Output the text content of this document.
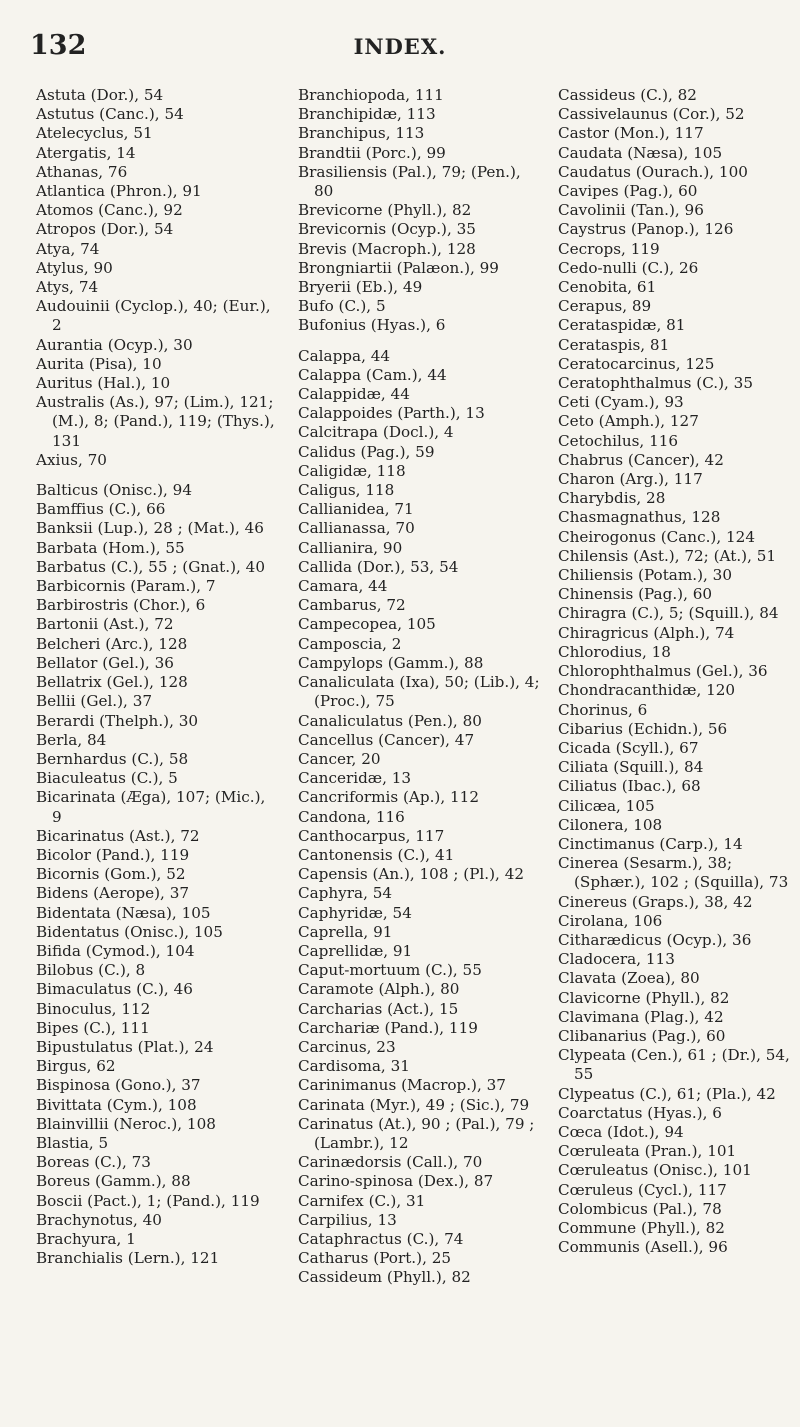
132	INDEX.

Astuta (Dor.), 54

Astutus (Canc.), 54

Atelecyclus, 51

Atergatis, 14

Athanas, 76

Atlantica (Phron.), 91

Atomos (Canc.), 92

Atropos (Dor.), 54

Atya, 74

Atylus, 90

Atys, 74

Audouinii (Cyclop.), 40; (Eur.), 2

Aurantia (Ocyp.), 30

Aurita (Pisa), 10

Auritus (Hal.), 10

Australis (As.), 97; (Lim.), 121; (M.), 8; (Pand.), 119; (Thys.), 131

Axius, 70

Balticus (Onisc.), 94

Bamffius (C.), 66

Banksii (Lup.), 28 ; (Mat.), 46

Barbata (Hom.), 55

Barbatus (C.), 55 ; (Gnat.), 40

Barbicornis (Param.), 7

Barbirostris (Chor.), 6

Bartonii (Ast.), 72

Belcheri (Arc.), 128

Bellator (Gel.), 36

Bellatrix (Gel.), 128

Bellii (Gel.), 37

Berardi (Thelph.), 30

Berla, 84

Bernhardus (C.), 58

Biaculeatus (C.), 5

Bicarinata (Æga), 107; (Mic.), 9

Bicarinatus (Ast.), 72

Bicolor (Pand.), 119

Bicornis (Gom.), 52

Bidens (Aerope), 37

Bidentata (Næsa), 105

Bidentatus (Onisc.), 105

Bifida (Cymod.), 104

Bilobus (C.), 8

Bimaculatus (C.), 46

Binoculus, 112

Bipes (C.), 111

Bipustulatus (Plat.), 24

Birgus, 62

Bispinosa (Gono.), 37

Bivittata (Cym.), 108

Blainvillii (Neroc.), 108

Blastia, 5

Boreas (C.), 73

Boreus (Gamm.), 88

Boscii (Pact.), 1; (Pand.), 119

Brachynotus, 40

Brachyura, 1

Branchialis (Lern.), 121

Branchiopoda, 111

Branchipidæ, 113

Branchipus, 113

Brandtii (Porc.), 99

Brasiliensis (Pal.), 79; (Pen.), 80

Brevicorne (Phyll.), 82

Brevicornis (Ocyp.), 35

Brevis (Macroph.), 128

Brongniartii (Palæon.), 99

Bryerii (Eb.), 49

Bufo (C.), 5

Bufonius (Hyas.), 6

Calappa, 44

Calappa (Cam.), 44

Calappidæ, 44

Calappoides (Parth.), 13

Calcitrapa (Docl.), 4

Calidus (Pag.), 59

Caligidæ, 118

Caligus, 118

Callianidea, 71

Callianassa, 70

Callianira, 90

Callida (Dor.), 53, 54

Camara, 44

Cambarus, 72

Campecopea, 105

Camposcia, 2

Campylops (Gamm.), 88

Canaliculata (Ixa), 50; (Lib.), 4; (Proc.), 75

Canaliculatus (Pen.), 80

Cancellus (Cancer), 47

Cancer, 20

Canceridæ, 13

Cancriformis (Ap.), 112

Candona, 116

Canthocarpus, 117

Cantonensis (C.), 41

Capensis (An.), 108 ; (Pl.), 42

Caphyra, 54

Caphyridæ, 54

Caprella, 91

Caprellidæ, 91

Caput-mortuum (C.), 55

Caramote (Alph.), 80

Carcharias (Act.), 15

Carchariæ (Pand.), 119

Carcinus, 23

Cardisoma, 31

Carinimanus (Macrop.), 37

Carinata (Myr.), 49 ; (Sic.), 79

Carinatus (At.), 90 ; (Pal.), 79 ; (Lambr.), 12

Carinædorsis (Call.), 70

Carino-spinosa (Dex.), 87

Carnifex (C.), 31

Carpilius, 13

Cataphractus (C.), 74

Catharus (Port.), 25

Cassideum (Phyll.), 82

Cassideus (C.), 82

Cassivelaunus (Cor.), 52

Castor (Mon.), 117

Caudata (Næsa), 105

Caudatus (Ourach.), 100

Cavipes (Pag.), 60

Cavolinii (Tan.), 96

Caystrus (Panop.), 126

Cecrops, 119

Cedo-nulli (C.), 26

Cenobita, 61

Cerapus, 89

Cerataspidæ, 81

Cerataspis, 81

Ceratocarcinus, 125

Ceratophthalmus (C.), 35

Ceti (Cyam.), 93

Ceto (Amph.), 127

Cetochilus, 116

Chabrus (Cancer), 42

Charon (Arg.), 117

Charybdis, 28

Chasmagnathus, 128

Cheirogonus (Canc.), 124

Chilensis (Ast.), 72; (At.), 51

Chiliensis (Potam.), 30

Chinensis (Pag.), 60

Chiragra (C.), 5; (Squill.), 84

Chiragricus (Alph.), 74

Chlorodius, 18

Chlorophthalmus (Gel.), 36

Chondracanthidæ, 120

Chorinus, 6

Cibarius (Echidn.), 56

Cicada (Scyll.), 67

Ciliata (Squill.), 84

Ciliatus (Ibac.), 68

Cilicæa, 105

Cilonera, 108

Cinctimanus (Carp.), 14

Cinerea (Sesarm.), 38; (Sphær.), 102 ; (Squilla), 73

Cinereus (Graps.), 38, 42

Cirolana, 106

Citharædicus (Ocyp.), 36

Cladocera, 113

Clavata (Zoea), 80

Clavicorne (Phyll.), 82

Clavimana (Plag.), 42

Clibanarius (Pag.), 60

Clypeata (Cen.), 61 ; (Dr.), 54, 55

Clypeatus (C.), 61; (Pla.), 42

Coarctatus (Hyas.), 6

Cœca (Idot.), 94

Cœruleata (Pran.), 101

Cœruleatus (Onisc.), 101

Cœruleus (Cycl.), 117

Colombicus (Pal.), 78

Commune (Phyll.), 82

Communis (Asell.), 96
